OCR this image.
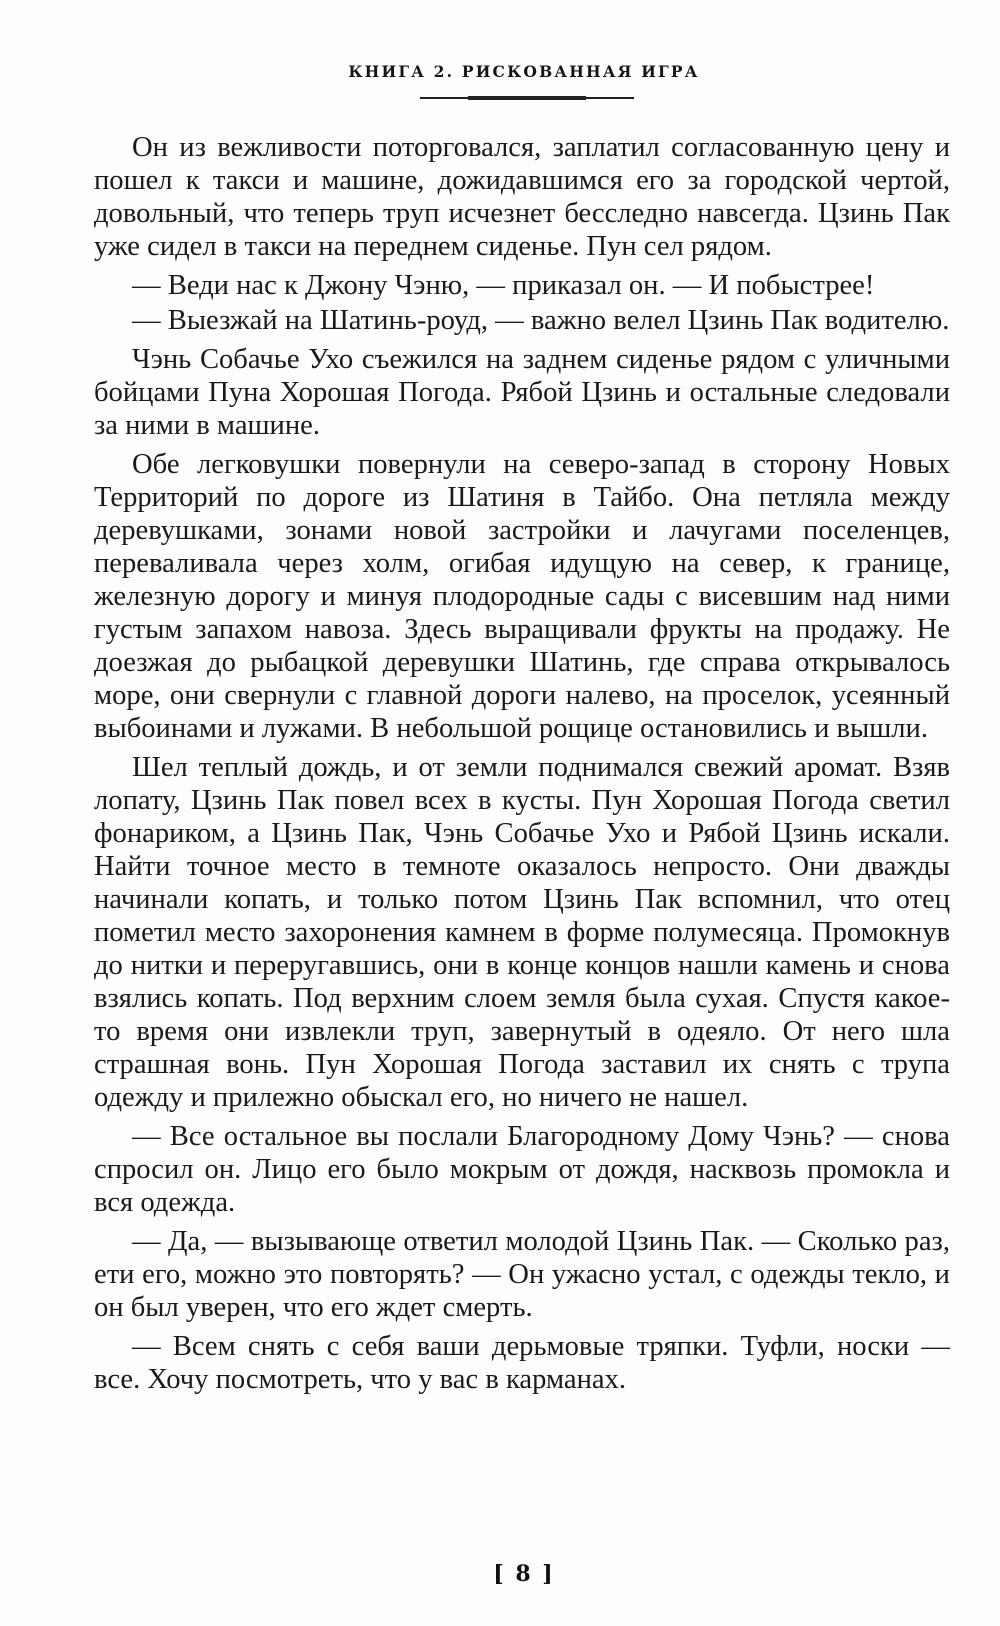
КНИГА 2. РИСКОВАННАЯ ИГРА

Он из вежливости поторговался, заплатил согласованную цену и пошел к такси и машине, дожидавшимся его за городской чертой, довольный, что теперь труп исчезнет бесследно навсегда. Цзинь Пак уже сидел в такси на переднем сиденье. Пун сел рядом.

— Веди нас к Джону Чэню, — приказал он. — И побыстрее!

— Выезжай на Шатинь-роуд, — важно велел Цзинь Пак водителю.

Чэнь Собачье Ухо съежился на заднем сиденье рядом с уличными бойцами Пуна Хорошая Погода. Рябой Цзинь и остальные следовали за ними в машине.

Обе легковушки повернули на северо-запад в сторону Новых Территорий по дороге из Шатиня в Тайбо. Она петляла между деревушками, зонами новой застройки и лачугами поселенцев, переваливала через холм, огибая идущую на север, к границе, железную дорогу и минуя плодородные сады с висевшим над ними густым запахом навоза. Здесь выращивали фрукты на продажу. Не доезжая до рыбацкой деревушки Шатинь, где справа открывалось море, они свернули с главной дороги налево, на проселок, усеянный выбоинами и лужами. В небольшой рощице остановились и вышли.

Шел теплый дождь, и от земли поднимался свежий аромат. Взяв лопату, Цзинь Пак повел всех в кусты. Пун Хорошая Погода светил фонариком, а Цзинь Пак, Чэнь Собачье Ухо и Рябой Цзинь искали. Найти точное место в темноте оказалось непросто. Они дважды начинали копать, и только потом Цзинь Пак вспомнил, что отец пометил место захоронения камнем в форме полумесяца. Промокнув до нитки и переругавшись, они в конце концов нашли камень и снова взялись копать. Под верхним слоем земля была сухая. Спустя какое-то время они извлекли труп, завернутый в одеяло. От него шла страшная вонь. Пун Хорошая Погода заставил их снять с трупа одежду и прилежно обыскал его, но ничего не нашел.

— Все остальное вы послали Благородному Дому Чэнь? — снова спросил он. Лицо его было мокрым от дождя, насквозь промокла и вся одежда.

— Да, — вызывающе ответил молодой Цзинь Пак. — Сколько раз, ети его, можно это повторять? — Он ужасно устал, с одежды текло, и он был уверен, что его ждет смерть.

— Всем снять с себя ваши дерьмовые тряпки. Туфли, носки — все. Хочу посмотреть, что у вас в карманах.

[ 8 ]
